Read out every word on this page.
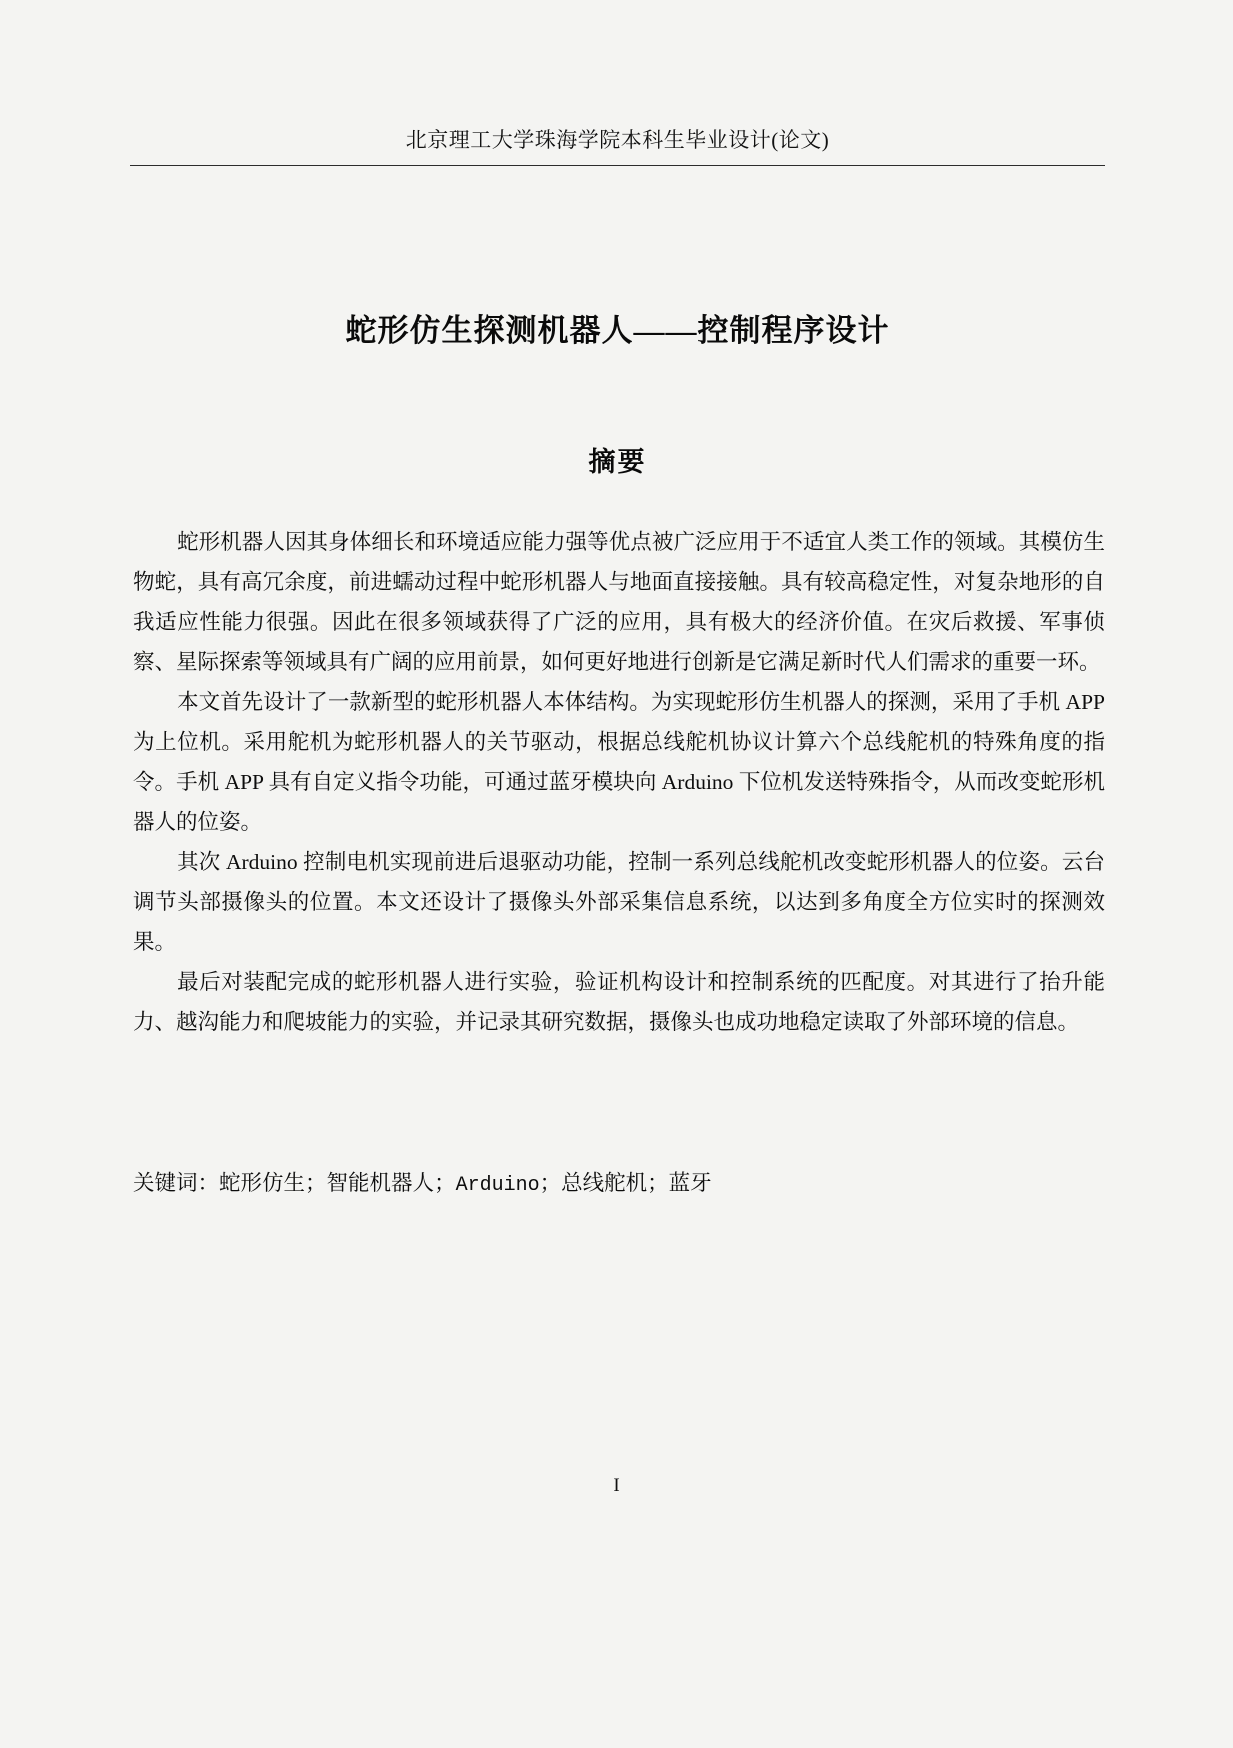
北京理工大学珠海学院本科生毕业设计(论文)
蛇形仿生探测机器人——控制程序设计
摘要

蛇形机器人因其身体细长和环境适应能力强等优点被广泛应用于不适宜人类工作的领域。其模仿生物蛇，具有高冗余度，前进蠕动过程中蛇形机器人与地面直接接触。具有较高稳定性，对复杂地形的自我适应性能力很强。因此在很多领域获得了广泛的应用，具有极大的经济价值。在灾后救援、军事侦察、星际探索等领域具有广阔的应用前景，如何更好地进行创新是它满足新时代人们需求的重要一环。

本文首先设计了一款新型的蛇形机器人本体结构。为实现蛇形仿生机器人的探测，采用了手机 APP 为上位机。采用舵机为蛇形机器人的关节驱动，根据总线舵机协议计算六个总线舵机的特殊角度的指令。手机 APP 具有自定义指令功能，可通过蓝牙模块向 Arduino 下位机发送特殊指令，从而改变蛇形机器人的位姿。

其次 Arduino 控制电机实现前进后退驱动功能，控制一系列总线舵机改变蛇形机器人的位姿。云台调节头部摄像头的位置。本文还设计了摄像头外部采集信息系统，以达到多角度全方位实时的探测效果。

最后对装配完成的蛇形机器人进行实验，验证机构设计和控制系统的匹配度。对其进行了抬升能力、越沟能力和爬坡能力的实验，并记录其研究数据，摄像头也成功地稳定读取了外部环境的信息。

关键词：蛇形仿生；智能机器人；Arduino；总线舵机；蓝牙
I
